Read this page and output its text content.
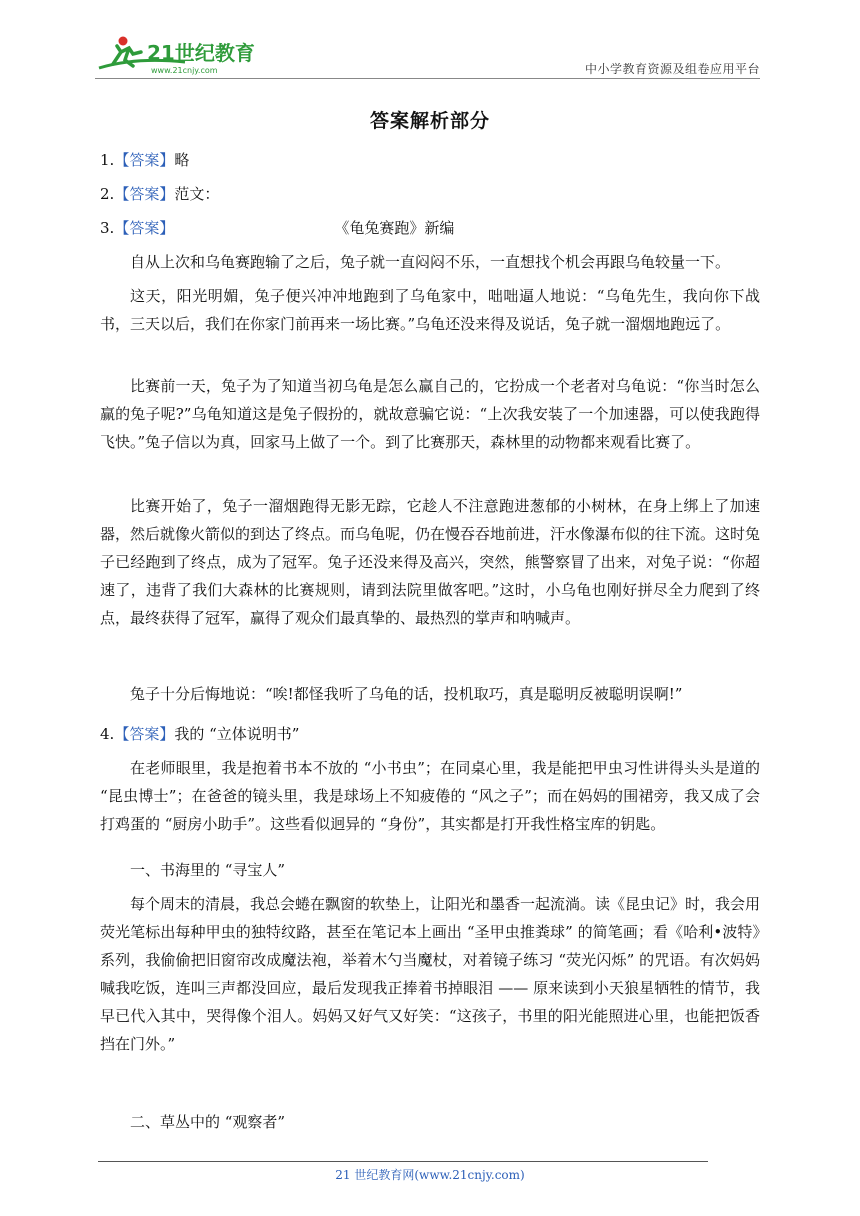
21世纪教育
www.21cnjy.com	中小学教育资源及组卷应用平台
答案解析部分
1.【答案】略
2.【答案】范文：
3.【答案】	《龟兔赛跑》新编
自从上次和乌龟赛跑输了之后，兔子就一直闷闷不乐，一直想找个机会再跟乌龟较量一下。
这天，阳光明媚，兔子便兴冲冲地跑到了乌龟家中，咄咄逼人地说：“乌龟先生，我向你下战书，三天以后，我们在你家门前再来一场比赛。”乌龟还没来得及说话，兔子就一溜烟地跑远了。
比赛前一天，兔子为了知道当初乌龟是怎么赢自己的，它扮成一个老者对乌龟说：“你当时怎么赢的兔子呢?”乌龟知道这是兔子假扮的，就故意骗它说：“上次我安装了一个加速器，可以使我跑得飞快。”兔子信以为真，回家马上做了一个。到了比赛那天，森林里的动物都来观看比赛了。
比赛开始了，兔子一溜烟跑得无影无踪，它趁人不注意跑进葱郁的小树林，在身上绑上了加速器，然后就像火箭似的到达了终点。而乌龟呢，仍在慢吞吞地前进，汗水像瀑布似的往下流。这时兔子已经跑到了终点，成为了冠军。兔子还没来得及高兴，突然，熊警察冒了出来，对兔子说：“你超速了，违背了我们大森林的比赛规则，请到法院里做客吧。”这时，小乌龟也刚好拼尽全力爬到了终点，最终获得了冠军，赢得了观众们最真挚的、最热烈的掌声和呐喊声。
兔子十分后悔地说：“唉!都怪我听了乌龟的话，投机取巧，真是聪明反被聪明误啊!”
4.【答案】我的 “立体说明书”
在老师眼里，我是抱着书本不放的 “小书虫”；在同桌心里，我是能把甲虫习性讲得头头是道的 “昆虫博士”；在爸爸的镜头里，我是球场上不知疲倦的 “风之子”；而在妈妈的围裙旁，我又成了会打鸡蛋的 “厨房小助手”。这些看似迥异的 “身份”，其实都是打开我性格宝库的钥匙。
一、书海里的 “寻宝人”
每个周末的清晨，我总会蜷在飘窗的软垫上，让阳光和墨香一起流淌。读《昆虫记》时，我会用荧光笔标出每种甲虫的独特纹路，甚至在笔记本上画出 “圣甲虫推粪球” 的简笔画；看《哈利•波特》系列，我偷偷把旧窗帘改成魔法袍，举着木勺当魔杖，对着镜子练习 “荧光闪烁” 的咒语。有次妈妈喊我吃饭，连叫三声都没回应，最后发现我正捧着书掉眼泪 —— 原来读到小天狼星牺牲的情节，我早已代入其中，哭得像个泪人。妈妈又好气又好笑：“这孩子，书里的阳光能照进心里，也能把饭香挡在门外。”
二、草丛中的 “观察者”
21 世纪教育网(www.21cnjy.com)
